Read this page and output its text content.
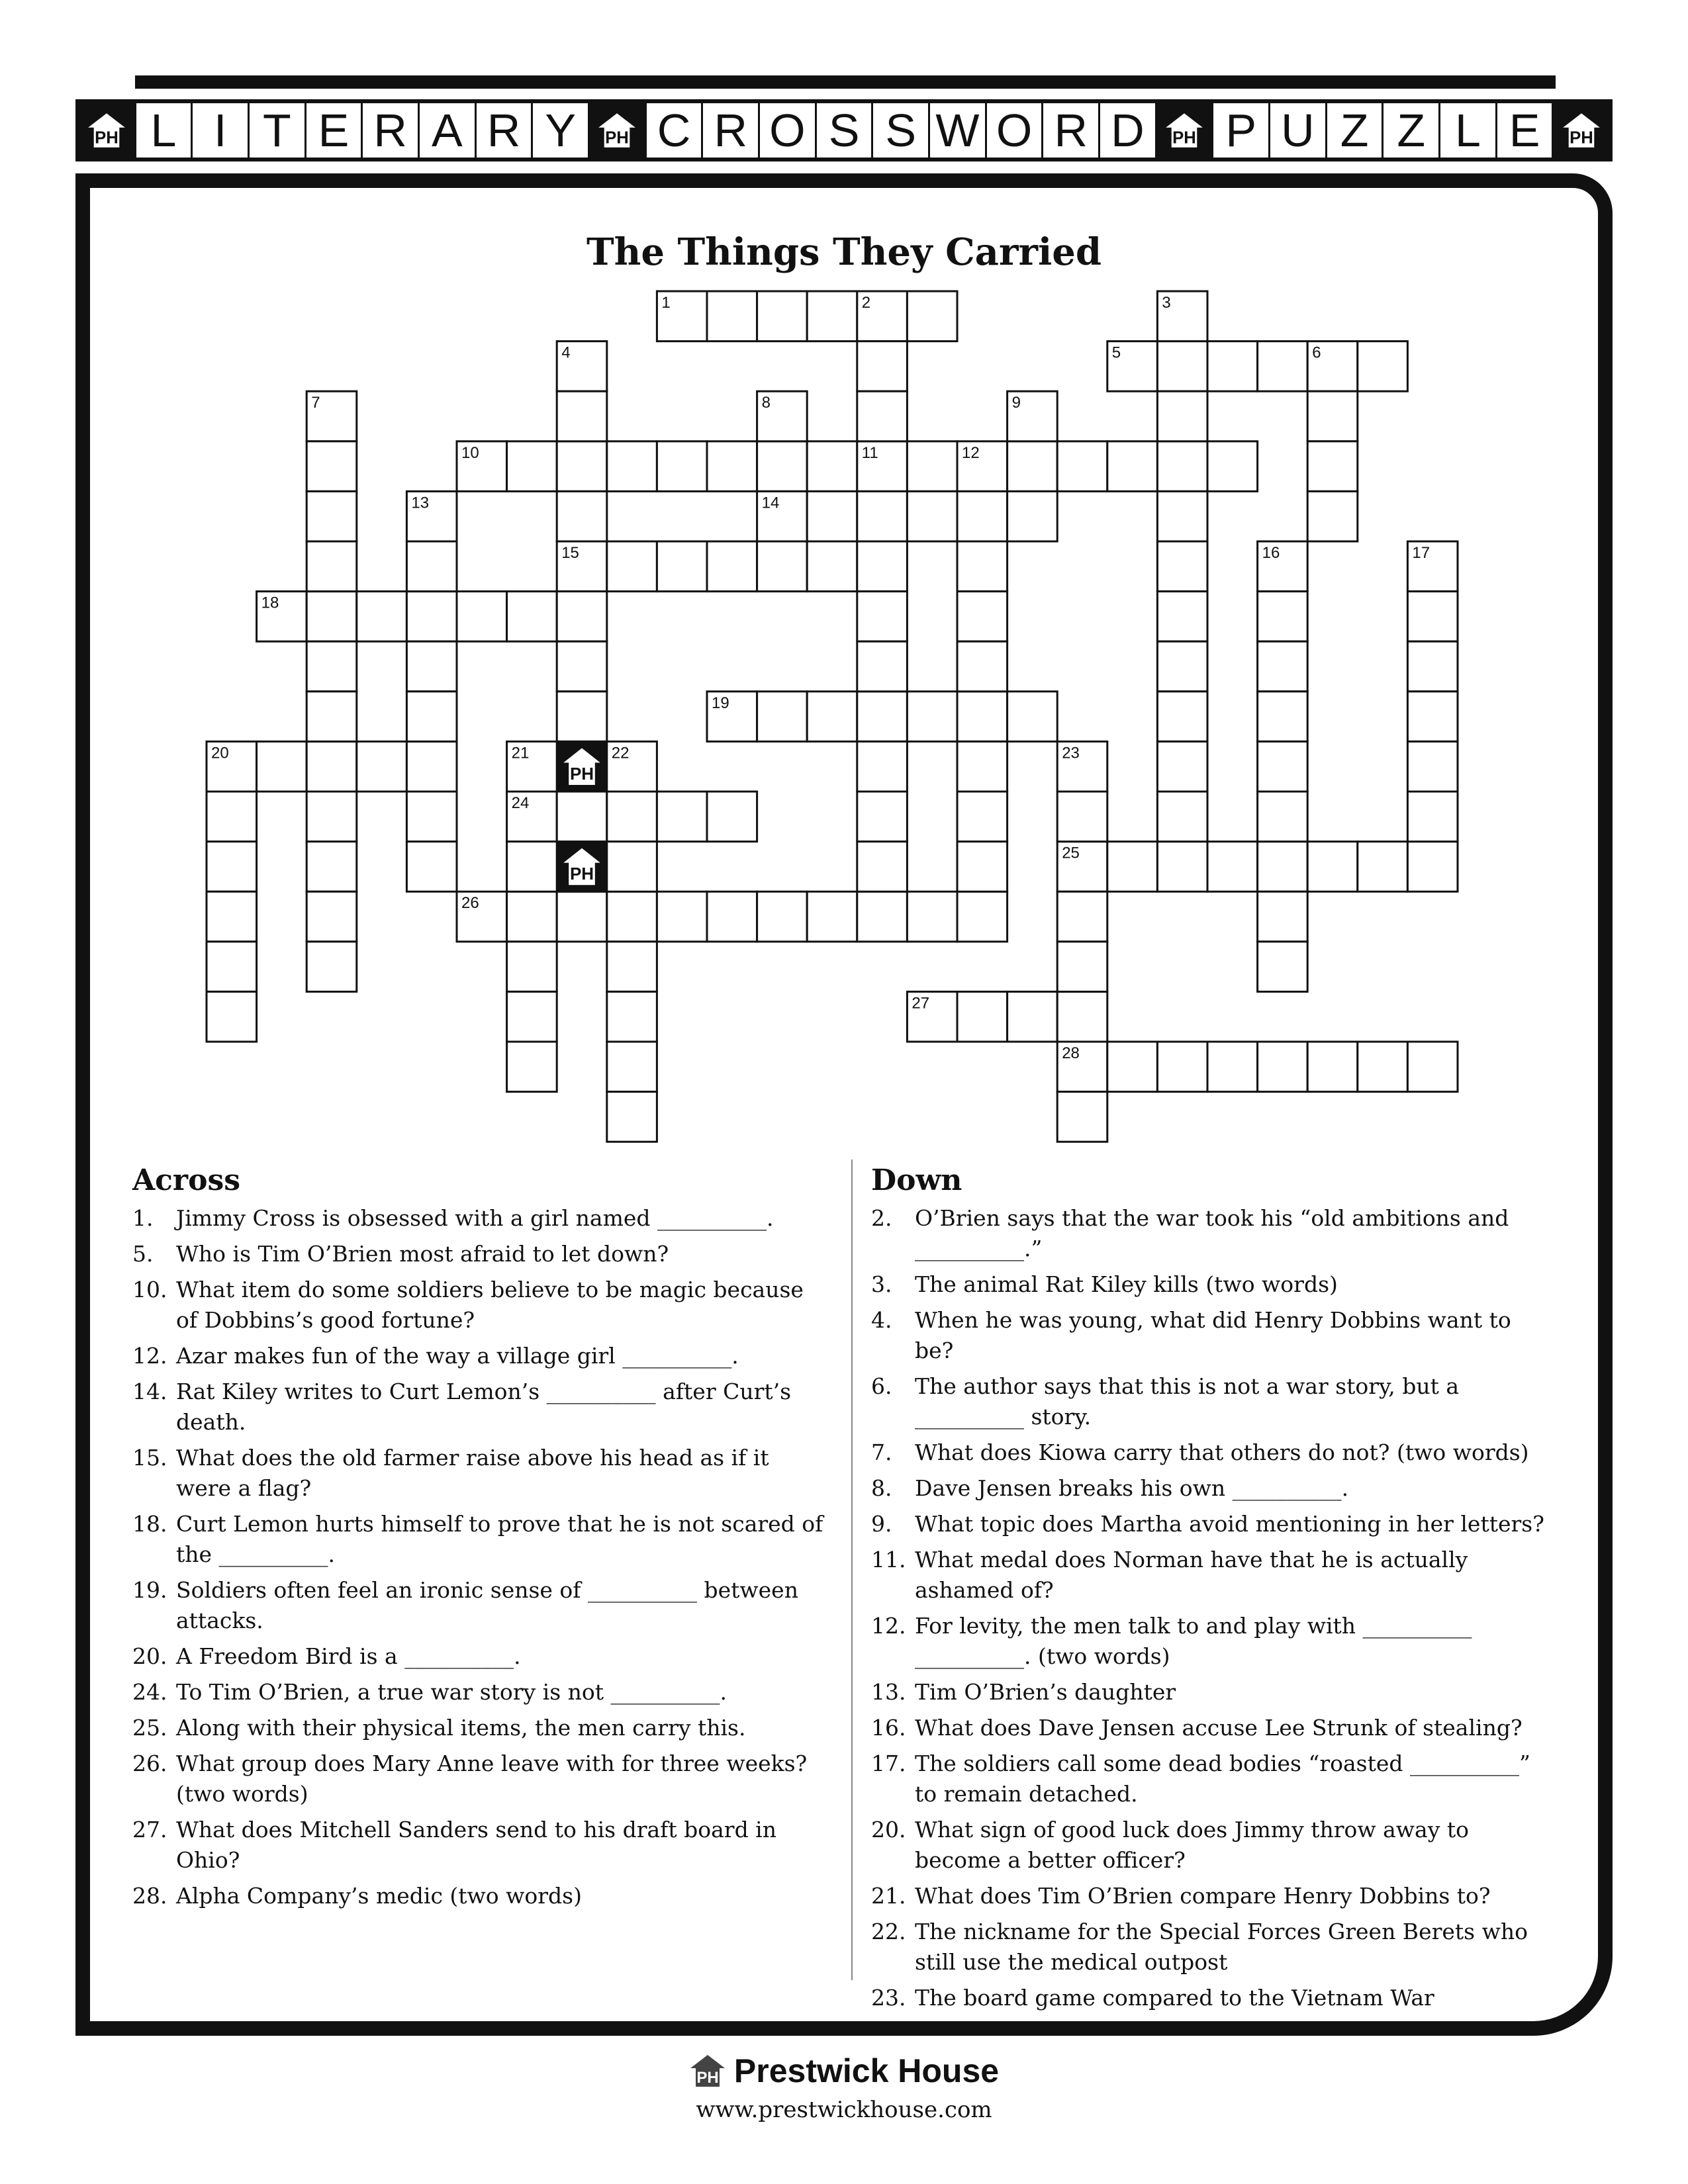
PH L I T E R A R Y	PH C R O S S W O R D	PH P U Z Z L E	PH
The Things They Carried
PH
PH
1
5
10
14
15
18
19
20
24
25
26
27
28
2	3
4	6
7	8	9
11	12
13
16	17
21	22	23
Across
1.	Jimmy Cross is obsessed with a girl named __________.
5.	Who is Tim O’Brien most afraid to let down?
10. What item do some soldiers believe to be magic because of Dobbins’s good fortune?
12. Azar makes fun of the way a village girl __________.
14. Rat Kiley writes to Curt Lemon’s __________ after Curt’s death.
15. What does the old farmer raise above his head as if it were a flag?
18. Curt Lemon hurts himself to prove that he is not scared of the __________.
19. Soldiers often feel an ironic sense of __________ between attacks.
20. A Freedom Bird is a __________.
24. To Tim O’Brien, a true war story is not __________.
25. Along with their physical items, the men carry this.
26. What group does Mary Anne leave with for three weeks? (two words)
27. What does Mitchell Sanders send to his draft board in Ohio?
28. Alpha Company’s medic (two words)
Down
2.	O’Brien says that the war took his “old ambitions and __________.”
3.	The animal Rat Kiley kills (two words)
4.	When he was young, what did Henry Dobbins want to be?
6.	The author says that this is not a war story, but a __________ story.
7.	What does Kiowa carry that others do not? (two words)
8.	Dave Jensen breaks his own __________.
9.	What topic does Martha avoid mentioning in her letters?
11. What medal does Norman have that he is actually ashamed of?
12. For levity, the men talk to and play with __________ __________. (two words)
13. Tim O’Brien’s daughter
16. What does Dave Jensen accuse Lee Strunk of stealing?
17. The soldiers call some dead bodies “roasted __________” to remain detached.
20. What sign of good luck does Jimmy throw away to become a better officer?
21. What does Tim O’Brien compare Henry Dobbins to?
22. The nickname for the Special Forces Green Berets who still use the medical outpost
23. The board game compared to the Vietnam War
PH Prestwick House
www.prestwickhouse.com
